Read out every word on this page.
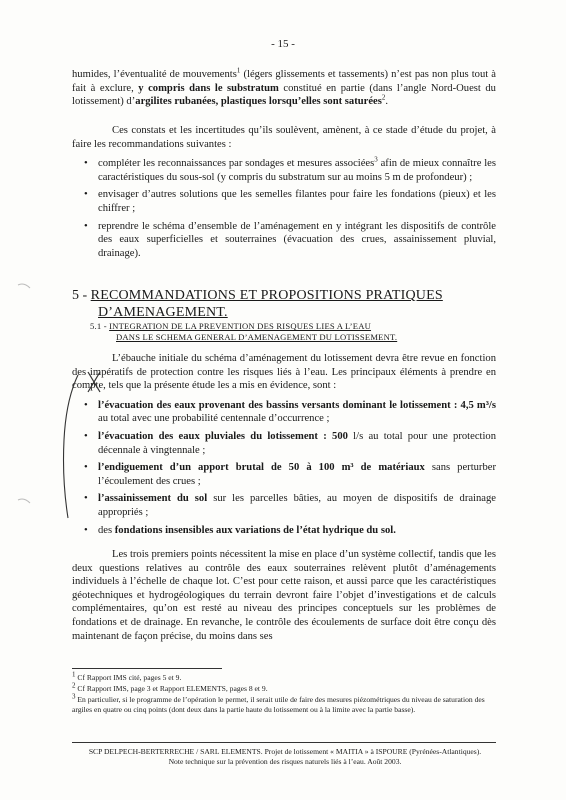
- 15 -

humides, l’éventualité de mouvements$^1$ (légers glissements et tassements) n’est pas non plus tout à fait à exclure, y compris dans le substratum constitué en partie (dans l’angle Nord-Ouest du lotissement) d’argilites rubanées, plastiques lorsqu’elles sont saturées$^2$.

Ces constats et les incertitudes qu’ils soulèvent, amènent, à ce stade d’étude du projet, à faire les recommandations suivantes :

• compléter les reconnaissances par sondages et mesures associées$^3$ afin de mieux connaître les caractéristiques du sous-sol (y compris du substratum sur au moins 5 m de profondeur) ;
• envisager d’autres solutions que les semelles filantes pour faire les fondations (pieux) et les chiffrer ;
• reprendre le schéma d’ensemble de l’aménagement en y intégrant les dispositifs de contrôle des eaux superficielles et souterraines (évacuation des crues, assainissement pluvial, drainage).
5 - RECOMMANDATIONS ET PROPOSITIONS PRATIQUES
D’AMENAGEMENT.
5.1 - INTEGRATION DE LA PREVENTION DES RISQUES LIES A L’EAU
DANS LE SCHEMA GENERAL D’AMENAGEMENT DU LOTISSEMENT.

L’ébauche initiale du schéma d’aménagement du lotissement devra être revue en fonction des impératifs de protection contre les risques liés à l’eau. Les principaux éléments à prendre en compte, tels que la présente étude les a mis en évidence, sont :

• l’évacuation des eaux provenant des bassins versants dominant le lotissement : 4,5 m³/s au total avec une probabilité centennale d’occurrence ;
• l’évacuation des eaux pluviales du lotissement : 500 l/s au total pour une protection décennale à vingtennale ;
• l’endiguement d’un apport brutal de 50 à 100 m³ de matériaux sans perturber l’écoulement des crues ;
• l’assainissement du sol sur les parcelles bâties, au moyen de dispositifs de drainage appropriés ;
• des fondations insensibles aux variations de l’état hydrique du sol.

Les trois premiers points nécessitent la mise en place d’un système collectif, tandis que les deux questions relatives au contrôle des eaux souterraines relèvent plutôt d’aménagements individuels à l’échelle de chaque lot. C’est pour cette raison, et aussi parce que les caractéristiques géotechniques et hydrogéologiques du terrain devront faire l’objet d’investigations et de calculs complémentaires, qu’on est resté au niveau des principes conceptuels sur les problèmes de fondations et de drainage. En revanche, le contrôle des écoulements de surface doit être conçu dès maintenant de façon précise, du moins dans ses

$^1$ Cf Rapport IMS cité, pages 5 et 9.

$^2$ Cf Rapport IMS, page 3 et Rapport ELEMENTS, pages 8 et 9.

$^3$ En particulier, si le programme de l’opération le permet, il serait utile de faire des mesures piézométriques du niveau de saturation des argiles en quatre ou cinq points (dont deux dans la partie haute du lotissement ou à la limite avec la partie basse).

SCP DELPECH-BERTERRECHE / SARL ELEMENTS. Projet de lotissement « MAITIA » à ISPOURE (Pyrénées-Atlantiques).
Note technique sur la prévention des risques naturels liés à l’eau. Août 2003.
